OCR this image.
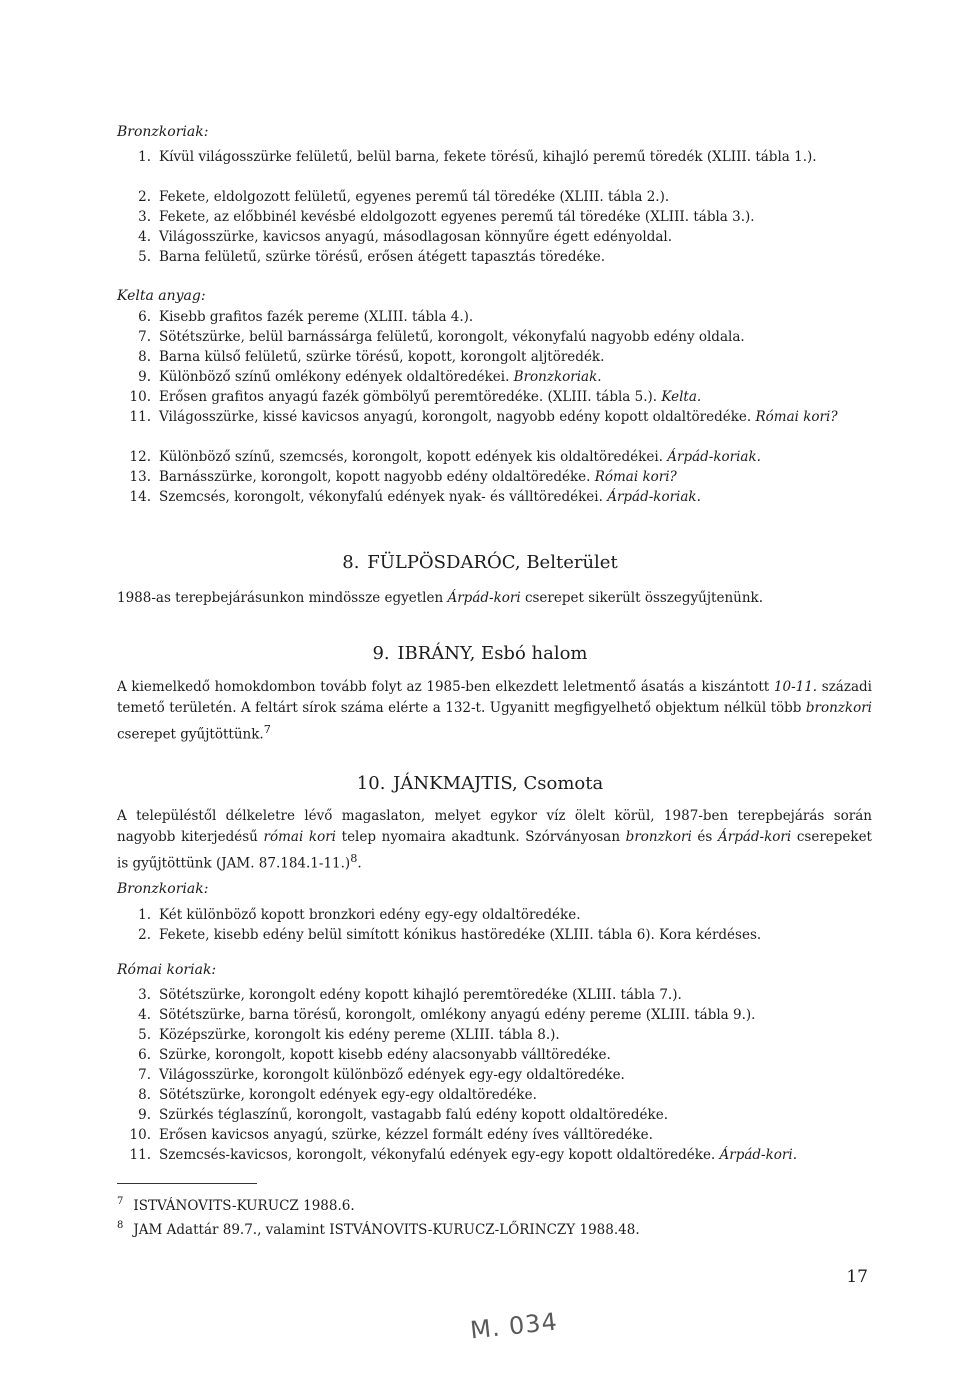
Bronzkoriak:
1. Kívül világosszürke felületű, belül barna, fekete törésű, kihajló peremű töredék (XLIII. tábla 1.).
2. Fekete, eldolgozott felületű, egyenes peremű tál töredéke (XLIII. tábla 2.).
3. Fekete, az előbbinél kevésbé eldolgozott egyenes peremű tál töredéke (XLIII. tábla 3.).
4. Világosszürke, kavicsos anyagú, másodlagosan könnyűre égett edényoldal.
5. Barna felületű, szürke törésű, erősen átégett tapasztás töredéke.
Kelta anyag:
6. Kisebb grafitos fazék pereme (XLIII. tábla 4.).
7. Sötétszürke, belül barnássárga felületű, korongolt, vékonyfalú nagyobb edény oldala.
8. Barna külső felületű, szürke törésű, kopott, korongolt aljtöredék.
9. Különböző színű omlékony edények oldaltöredékei. Bronzkoriak.
10. Erősen grafitos anyagú fazék gömbölyű peremtöredéke. (XLIII. tábla 5.). Kelta.
11. Világosszürke, kissé kavicsos anyagú, korongolt, nagyobb edény kopott oldaltöredéke. Római kori?
12. Különböző színű, szemcsés, korongolt, kopott edények kis oldaltöredékei. Árpád-koriak.
13. Barnásszürke, korongolt, kopott nagyobb edény oldaltöredéke. Római kori?
14. Szemcsés, korongolt, vékonyfalú edények nyak- és válltöredékei. Árpád-koriak.
8. FÜLPÖSDARÓC, Belterület
1988-as terepbejárásunkon mindössze egyetlen Árpád-kori cserepet sikerült összegyűjtenünk.
9. IBRÁNY, Esbó halom
A kiemelkedő homokdombon tovább folyt az 1985-ben elkezdett leletmentő ásatás a kiszántott 10-11. századi temető területén. A feltárt sírok száma elérte a 132-t. Ugyanitt megfigyelhető objektum nélkül több bronzkori cserepet gyűjtöttünk.$^7$
10. JÁNKMAJTIS, Csomota
A településtől délkeletre lévő magaslaton, melyet egykor víz ölelt körül, 1987-ben terepbejárás során nagyobb kiterjedésű római kori telep nyomaira akadtunk. Szórványosan bronzkori és Árpád-kori cserepeket is gyűjtöttünk (JAM. 87.184.1-11.)$^8$.
Bronzkoriak:
1. Két különböző kopott bronzkori edény egy-egy oldaltöredéke.
2. Fekete, kisebb edény belül simított kónikus hastöredéke (XLIII. tábla 6). Kora kérdéses.
Római koriak:
3. Sötétszürke, korongolt edény kopott kihajló peremtöredéke (XLIII. tábla 7.).
4. Sötétszürke, barna törésű, korongolt, omlékony anyagú edény pereme (XLIII. tábla 9.).
5. Középszürke, korongolt kis edény pereme (XLIII. tábla 8.).
6. Szürke, korongolt, kopott kisebb edény alacsonyabb válltöredéke.
7. Világosszürke, korongolt különböző edények egy-egy oldaltöredéke.
8. Sötétszürke, korongolt edények egy-egy oldaltöredéke.
9. Szürkés téglaszínű, korongolt, vastagabb falú edény kopott oldaltöredéke.
10. Erősen kavicsos anyagú, szürke, kézzel formált edény íves válltöredéke.
11. Szemcsés-kavicsos, korongolt, vékonyfalú edények egy-egy kopott oldaltöredéke. Árpád-kori.
$^7$ ISTVÁNOVITS-KURUCZ 1988.6.
$^8$ JAM Adattár 89.7., valamint ISTVÁNOVITS-KURUCZ-LŐRINCZY 1988.48.
17
M. 034
